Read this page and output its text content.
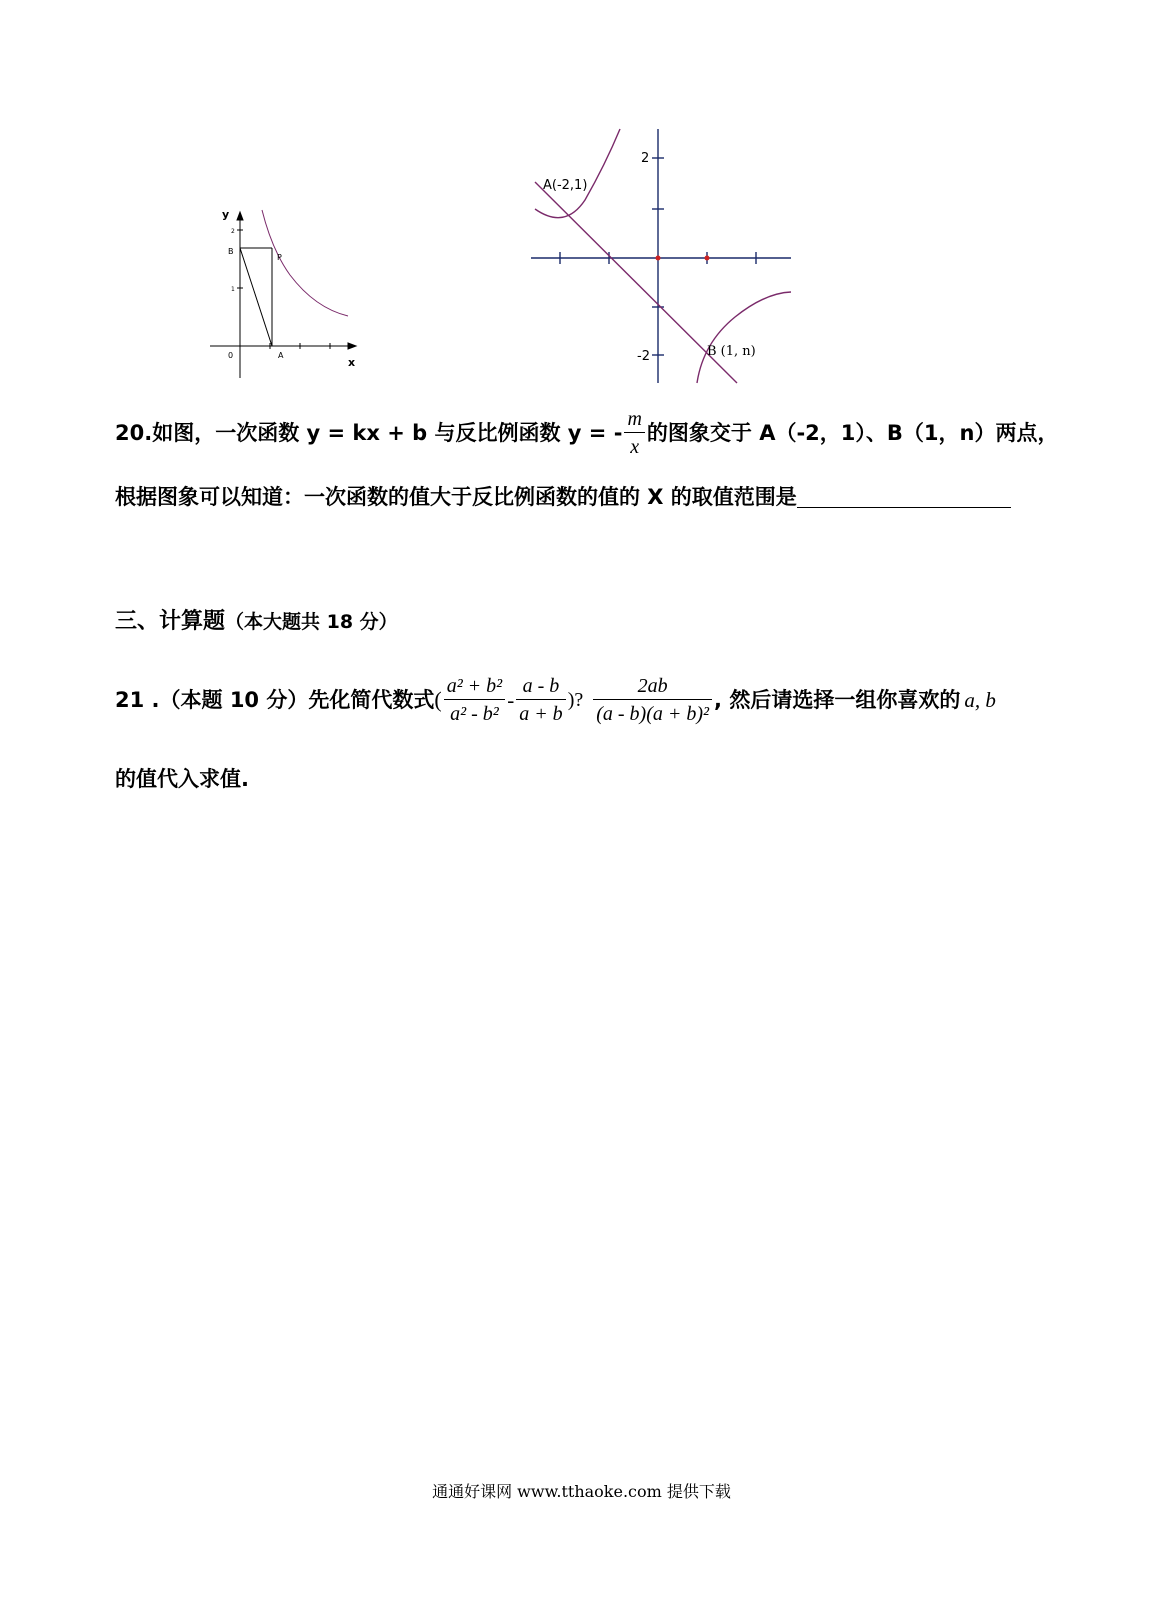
y
x
0
B
P
A
2
1
A(-2,1)
B (1, n)
2
-2
20.如图，一次函数 y = kx + b 与反比例函数 y = - $\frac{m}{x}$ 的图象交于 A（-2，1）、B（1，n）两点，
根据图象可以知道：一次函数的值大于反比例函数的值的 X 的取值范围是
三、计算题（本大题共 18 分）
21 .（本题 10 分）先化简代数式 ( $\frac{\text{a² + b²}}{\text{a² - b²}} - \frac{a - b}{a + b}$ )? $\frac{2ab}{\text{(a - b)(a + b)²}}$ , 然后请选择一组你喜欢的 a, b
的值代入求值.
通通好课网 www.tthaoke.com 提供下载
